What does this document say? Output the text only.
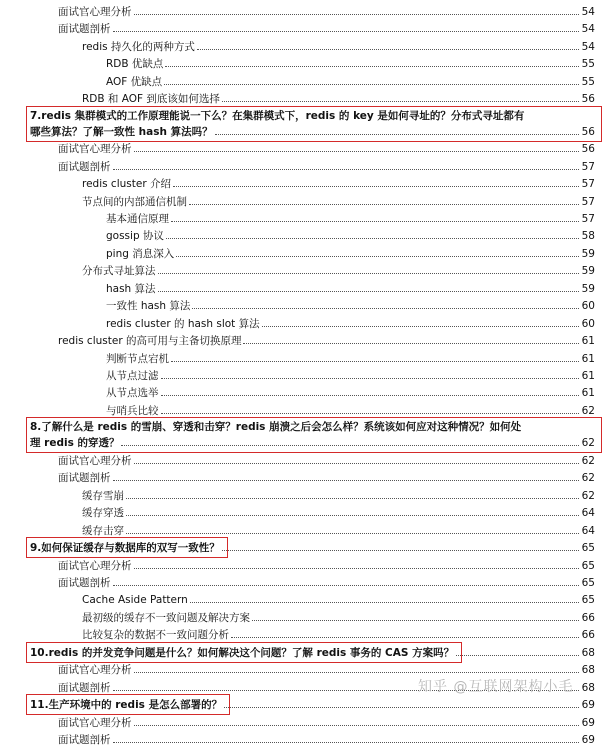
面试官心理分析	54
面试题剖析	54
redis 持久化的两种方式	54
RDB 优缺点	55
AOF 优缺点	55
RDB 和 AOF 到底该如何选择	56
7.redis 集群模式的工作原理能说一下么？在集群模式下，redis 的 key 是如何寻址的？分布式寻址都有
哪些算法？了解一致性 hash 算法吗？	56
面试官心理分析	56
面试题剖析	57
redis cluster 介绍	57
节点间的内部通信机制	57
基本通信原理	57
gossip 协议	58
ping 消息深入	59
分布式寻址算法	59
hash 算法	59
一致性 hash 算法	60
redis cluster 的 hash slot 算法	60
redis cluster 的高可用与主备切换原理	61
判断节点宕机	61
从节点过滤	61
从节点选举	61
与哨兵比较	62
8.了解什么是 redis 的雪崩、穿透和击穿？redis 崩溃之后会怎么样？系统该如何应对这种情况？如何处
理 redis 的穿透？	62
面试官心理分析	62
面试题剖析	62
缓存雪崩	62
缓存穿透	64
缓存击穿	64
9.如何保证缓存与数据库的双写一致性？	65
面试官心理分析	65
面试题剖析	65
Cache Aside Pattern	65
最初级的缓存不一致问题及解决方案	66
比较复杂的数据不一致问题分析	66
10.redis 的并发竞争问题是什么？如何解决这个问题？了解 redis 事务的 CAS 方案吗？	68
面试官心理分析	68
面试题剖析	68
11.生产环境中的 redis 是怎么部署的？	69
面试官心理分析	69
面试题剖析	69
知乎 @互联网架构小毛
